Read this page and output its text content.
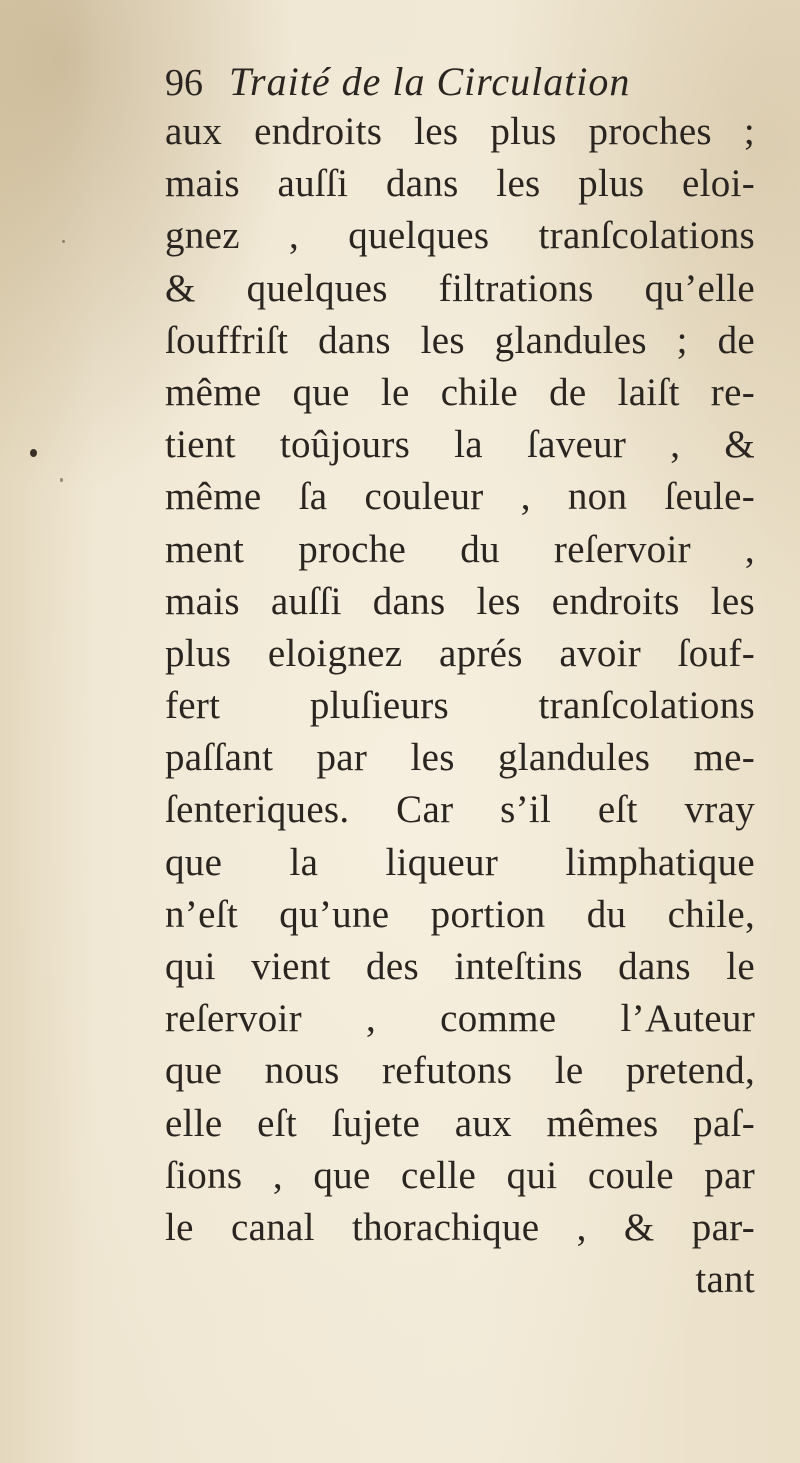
96 Traité de la Circulation
aux endroits les plus proches ;
mais auſſi dans les plus eloi-
gnez , quelques tranſcolations
& quelques filtrations qu’elle
ſouffriſt dans les glandules ; de
même que le chile de laiſt re-
tient toûjours la ſaveur , &
même ſa couleur , non ſeule-
ment proche du reſervoir ,
mais auſſi dans les endroits les
plus eloignez aprés avoir ſouf-
fert pluſieurs tranſcolations
paſſant par les glandules me-
ſenteriques. Car s’il eſt vray
que la liqueur limphatique
n’eſt qu’une portion du chile,
qui vient des inteſtins dans le
reſervoir , comme l’Auteur
que nous refutons le pretend,
elle eſt ſujete aux mêmes paſ-
ſions , que celle qui coule par
le canal thorachique , & par-
tant
